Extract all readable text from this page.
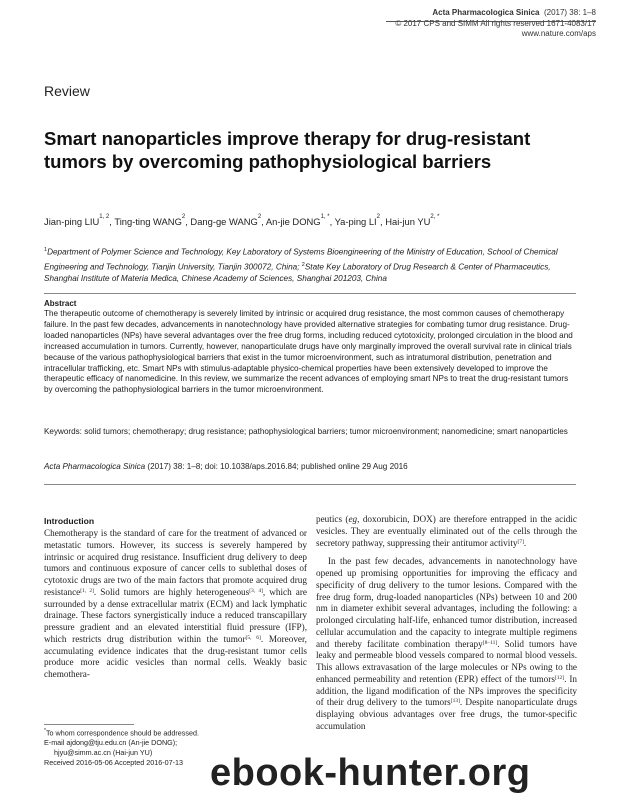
Acta Pharmacologica Sinica (2017) 38: 1–8
© 2017 CPS and SIMM All rights reserved 1671-4083/17
www.nature.com/aps
Review
Smart nanoparticles improve therapy for drug-resistant tumors by overcoming pathophysiological barriers
Jian-ping LIU$^{1, 2}$, Ting-ting WANG$^2$, Dang-ge WANG$^2$, An-jie $DONG^{1, *}$, Ya-ping $LI^2$, Hai-jun $YU^{2, *}$
$^1$Department of Polymer Science and Technology, Key Laboratory of Systems Bioengineering of the Ministry of Education, School of Chemical Engineering and Technology, Tianjin University, Tianjin 300072, China; $^2$State Key Laboratory of Drug Research & Center of Pharmaceutics, Shanghai Institute of Materia Medica, Chinese Academy of Sciences, Shanghai 201203, China
Abstract
The therapeutic outcome of chemotherapy is severely limited by intrinsic or acquired drug resistance, the most common causes of chemotherapy failure. In the past few decades, advancements in nanotechnology have provided alternative strategies for combating tumor drug resistance. Drug-loaded nanoparticles (NPs) have several advantages over the free drug forms, including reduced cytotoxicity, prolonged circulation in the blood and increased accumulation in tumors. Currently, however, nanoparticulate drugs have only marginally improved the overall survival rate in clinical trials because of the various pathophysiological barriers that exist in the tumor microenvironment, such as intratumoral distribution, penetration and intracellular trafficking, etc. Smart NPs with stimulus-adaptable physico-chemical properties have been extensively developed to improve the therapeutic efficacy of nanomedicine. In this review, we summarize the recent advances of employing smart NPs to treat the drug-resistant tumors by overcoming the pathophysiological barriers in the tumor microenvironment.
Keywords: solid tumors; chemotherapy; drug resistance; pathophysiological barriers; tumor microenvironment; nanomedicine; smart nanoparticles
Acta Pharmacologica Sinica (2017) 38: 1–8; doi: 10.1038/aps.2016.84; published online 29 Aug 2016
Introduction

Chemotherapy is the standard of care for the treatment of advanced or metastatic tumors. However, its success is severely hampered by intrinsic or acquired drug resistance. Insufficient drug delivery to deep tumors and continuous exposure of cancer cells to sublethal doses of cytotoxic drugs are two of the main factors that promote acquired drug resistance[1, 2]. Solid tumors are highly heterogeneous[3, 4], which are surrounded by a dense extracellular matrix (ECM) and lack lymphatic drainage. These factors synergistically induce a reduced transcapillary pressure gradient and an elevated interstitial fluid pressure (IFP), which restricts drug distribution within the tumor[5, 6]. Moreover, accumulating evidence indicates that the drug-resistant tumor cells produce more acidic vesicles than normal cells. Weakly basic chemothera-

peutics (eg, doxorubicin, DOX) are therefore entrapped in the acidic vesicles. They are eventually eliminated out of the cells through the secretory pathway, suppressing their antitumor activity[7].

In the past few decades, advancements in nanotechnology have opened up promising opportunities for improving the efficacy and specificity of drug delivery to the tumor lesions. Compared with the free drug form, drug-loaded nanoparticles (NPs) between 10 and 200 nm in diameter exhibit several advantages, including the following: a prolonged circulating half-life, enhanced tumor distribution, increased cellular accumulation and the capacity to integrate multiple regimens and thereby facilitate combination therapy[8–11]. Solid tumors have leaky and permeable blood vessels compared to normal blood vessels. This allows extravasation of the large molecules or NPs owing to the enhanced permeability and retention (EPR) effect of the tumors[12]. In addition, the ligand modification of the NPs improves the specificity of their drug delivery to the tumors[13]. Despite nanoparticulate drugs displaying obvious advantages over free drugs, the tumor-specific accumulation

*To whom correspondence should be addressed.
E-mail ajdong@tju.edu.cn (An-jie DONG);
hjyu@simm.ac.cn (Hai-jun YU)
Received 2016-05-06 Accepted 2016-07-13 ebook-hunter.org
